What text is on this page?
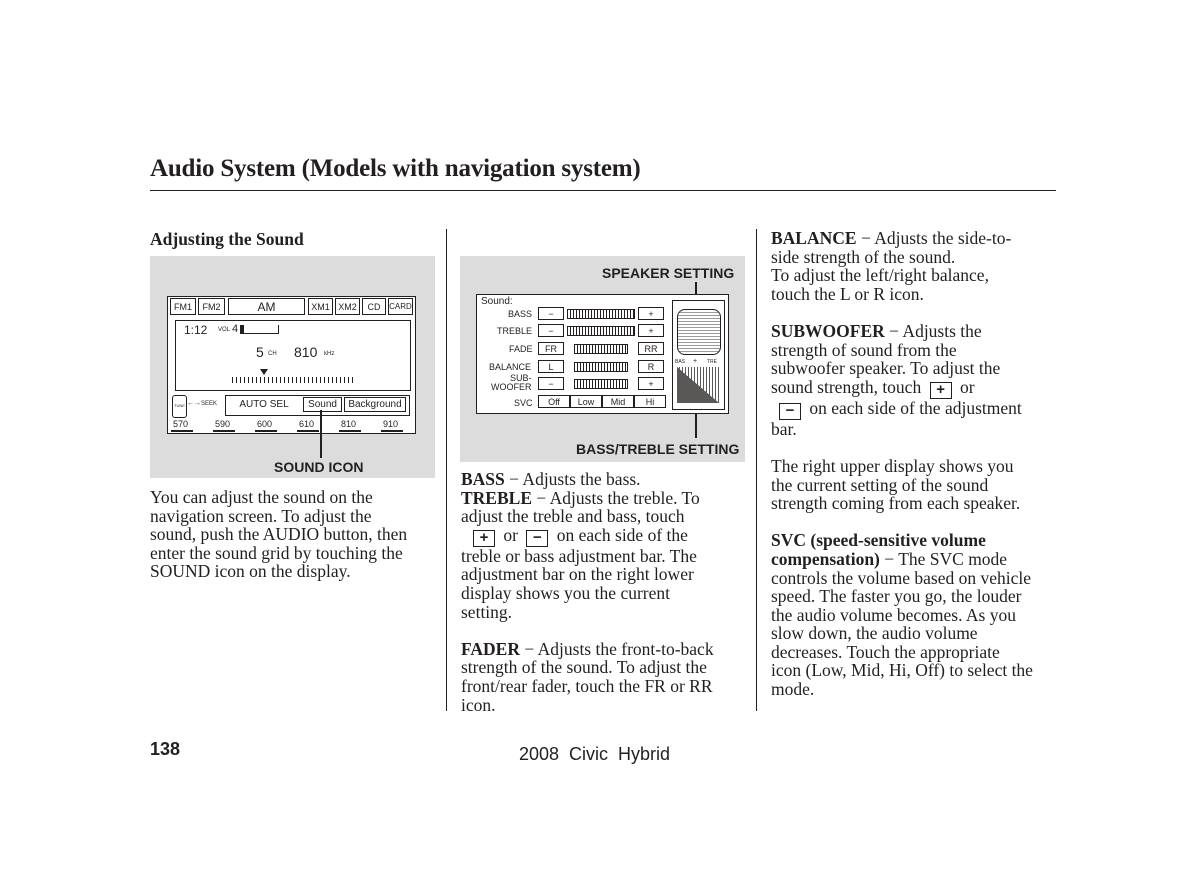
Audio System (Models with navigation system)
Adjusting the Sound
FM1	FM2	AM	XM1 XM2	CD	CARD
1:12 VOL 4
5 CH 810 kHz
TUNE ←→ SEEK	AUTO SEL	Sound	Background
570	590	600	610	810	910
SOUND ICON
You can adjust the sound on the
navigation screen. To adjust the
sound, push the AUDIO button, then
enter the sound grid by touching the
SOUND icon on the display.
SPEAKER SETTING
BASS/TREBLE SETTING
Sound:
BASS	−	+
TREBLE	−	+
FADE	FR	RR
BALANCE	L	R
SUB-
WOOFER	−	+
SVC	Off	Low	Mid	Hi
BAS + TRE
BASS − Adjusts the bass.
TREBLE − Adjusts the treble. To
adjust the treble and bass, touch
+ or − on each side of the
treble or bass adjustment bar. The
adjustment bar on the right lower
display shows you the current
setting.
FADER − Adjusts the front-to-back
strength of the sound. To adjust the
front/rear fader, touch the FR or RR
icon.
BALANCE − Adjusts the side-to-
side strength of the sound.
To adjust the left/right balance,
touch the L or R icon.
SUBWOOFER − Adjusts the
strength of sound from the
subwoofer speaker. To adjust the
sound strength, touch + or
− on each side of the adjustment
bar.
The right upper display shows you
the current setting of the sound
strength coming from each speaker.
SVC (speed-sensitive volume
compensation) − The SVC mode
controls the volume based on vehicle
speed. The faster you go, the louder
the audio volume becomes. As you
slow down, the audio volume
decreases. Touch the appropriate
icon (Low, Mid, Hi, Off) to select the
mode.
138	2008  Civic  Hybrid
